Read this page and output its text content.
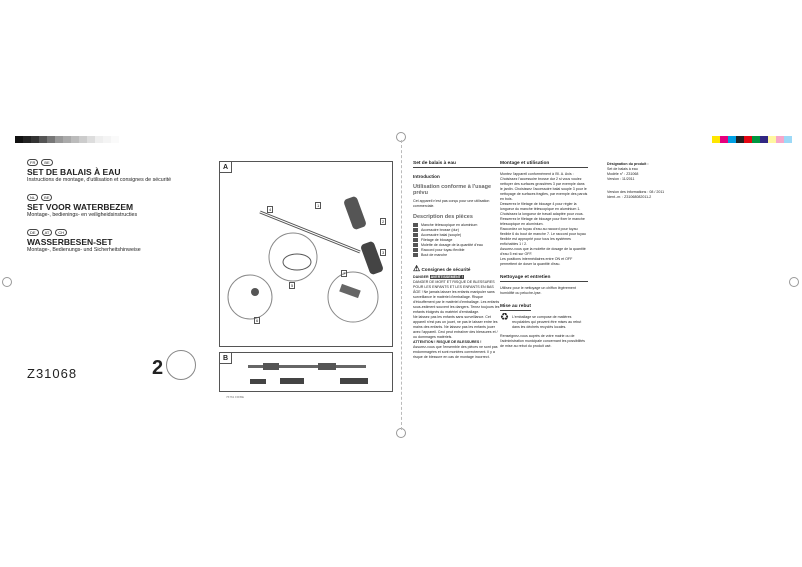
FR	BE
SET DE BALAIS À EAU
Instructions de montage, d'utilisation et consignes de sécurité
NL	BE
SET VOOR WATERBEZEM
Montage-, bedienings- en veiligheidsinstructies
DE	AT	CH
WASSERBESEN-SET
Montage-, Bedienungs- und Sicherheitshinweise
Z31068	2
A
4
1
2
3
5
7
6
B
76761 FR/BE
Set de balais à eau
Introduction
Utilisation conforme à l'usage prévu
Cet appareil n'est pas conçu pour une utilisation commerciale.
Description des pièces
Manche télescopique en aluminium
Accessoire brosse (dur)
Accessoire balai (souple)
Filetage de blocage
Molette de dosage de la quantité d'eau
Raccord pour tuyau flexible
Bout de manche
⚠ Consignes de sécurité
DANGER AVERTISSEMENT !
DANGER DE MORT ET RISQUE DE BLESSURES POUR LES ENFANTS ET LES ENFANTS EN BAS ÂGE ! Ne jamais laisser les enfants manipuler sans surveillance le matériel d'emballage. Risque d'étouffement par le matériel d'emballage. Les enfants sous-estiment souvent les dangers. Tenez toujours les enfants éloignés du matériel d'emballage.
Ne laissez pas les enfants sans surveillance. Cet appareil n'est pas un jouet, ne pas le laisser entre les mains des enfants. Ne laissez pas les enfants jouer avec l'appareil. Ceci peut entraîner des blessures et / ou dommages matériels.
ATTENTION ! RISQUE DE BLESSURES !
Assurez-vous que l'ensemble des pièces ne sont pas endommagées et sont montées correctement. Il y a risque de blessure en cas de montage incorrect.
Montage et utilisation
Montez l'appareil conformément à l'ill. A. Avis : Choisissez l'accessoire brosse dur 2 si vous voulez nettoyer des surfaces grossières 3 par exemple dans le jardin. Choisissez l'accessoire balai souple 3 pour le nettoyage de surfaces fragiles, par exemple des parois en bois.
Desserrez le filetage de blocage 4 pour régler la longueur du manche télescopique en aluminium 1.
Choisissez la longueur de travail adaptée pour vous.
Resserrez le filetage de blocage pour fixer le manche télescopique en aluminium.
Raccordez un tuyau d'eau au raccord pour tuyau flexible 6 du bout de manche 7. Le raccord pour tuyau flexible est approprié pour tous les systèmes enfichables 1 / 2.
Assurez-vous que la molette de dosage de la quantité d'eau 5 est sur OFF.
Les positions intermédiaires entre ON et OFF permettent de doser la quantité d'eau.
Nettoyage et entretien
Utilisez pour le nettoyage un chiffon légèrement humidifié ou peluche-lyse.
Mise au rebut
♻ L'emballage se compose de matières recyclables qui peuvent être mises au rebut dans les déchets recyclés locales.
Renseignez-vous auprès de votre mairie ou de l'administration municipale concernant les possibilités de mise au rebut du produit usé.
Désignation du produit :
Set de balais à eau
Modèle n° : Z31068
Version : 11/2011
Version des informations : 08 / 2011
Ident.-nr. : Z31068082011-2
